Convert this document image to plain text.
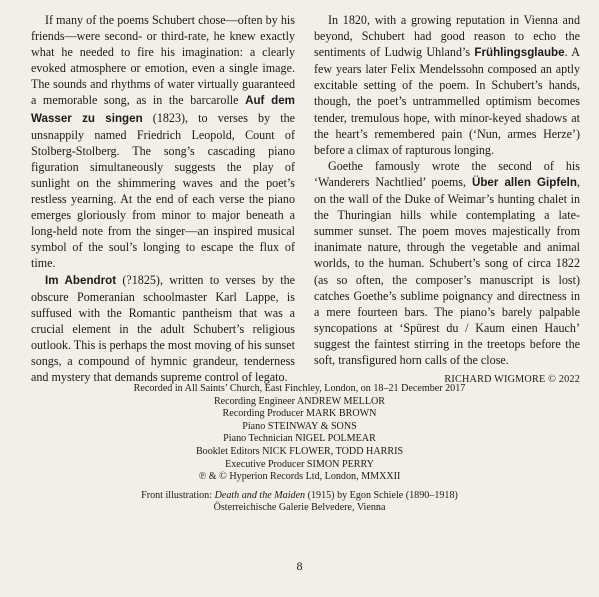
If many of the poems Schubert chose—often by his friends—were second- or third-rate, he knew exactly what he needed to fire his imagination: a clearly evoked atmosphere or emotion, even a single image. The sounds and rhythms of water virtually guaranteed a memorable song, as in the barcarolle Auf dem Wasser zu singen (1823), to verses by the unsnappily named Friedrich Leopold, Count of Stolberg-Stolberg. The song’s cascading piano figuration simultaneously suggests the play of sunlight on the shimmering waves and the poet’s restless yearning. At the end of each verse the piano emerges gloriously from minor to major beneath a long-held note from the singer—an inspired musical symbol of the soul’s longing to escape the flux of time.

Im Abendrot (?1825), written to verses by the obscure Pomeranian schoolmaster Karl Lappe, is suffused with the Romantic pantheism that was a crucial element in the adult Schubert’s religious outlook. This is perhaps the most moving of his sunset songs, a compound of hymnic grandeur, tenderness and mystery that demands supreme control of legato.

In 1820, with a growing reputation in Vienna and beyond, Schubert had good reason to echo the sentiments of Ludwig Uhland’s Frühlingsglaube. A few years later Felix Mendelssohn composed an aptly excitable setting of the poem. In Schubert’s hands, though, the poet’s untrammelled optimism becomes tender, tremulous hope, with minor-keyed shadows at the heart’s remembered pain (‘Nun, armes Herze’) before a climax of rapturous longing.

Goethe famously wrote the second of his ‘Wanderers Nachtlied’ poems, Über allen Gipfeln, on the wall of the Duke of Weimar’s hunting chalet in the Thuringian hills while contemplating a late-summer sunset. The poem moves majestically from inanimate nature, through the vegetable and animal worlds, to the human. Schubert’s song of circa 1822 (as so often, the composer’s manuscript is lost) catches Goethe’s sublime poignancy and directness in a mere fourteen bars. The piano’s barely palpable syncopations at ‘Spürest du / Kaum einen Hauch’ suggest the faintest stirring in the treetops before the soft, transfigured horn calls of the close.

RICHARD WIGMORE © 2022
Recorded in All Saints’ Church, East Finchley, London, on 18–21 December 2017
Recording Engineer ANDREW MELLOR
Recording Producer MARK BROWN
Piano STEINWAY & SONS
Piano Technician NIGEL POLMEAR
Booklet Editors NICK FLOWER, TODD HARRIS
Executive Producer SIMON PERRY
℗ & © Hyperion Records Ltd, London, MMXXII
Front illustration: Death and the Maiden (1915) by Egon Schiele (1890–1918)
Österreichische Galerie Belvedere, Vienna
8
